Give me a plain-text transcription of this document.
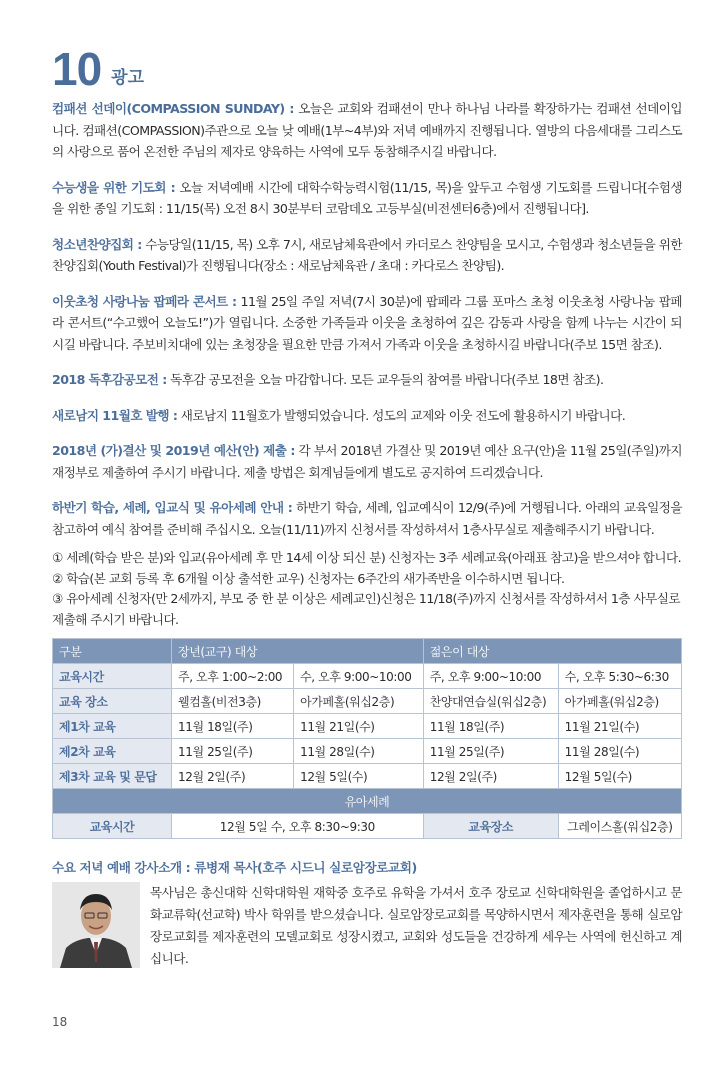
10 광고

컴패션 선데이(COMPASSION SUNDAY) : 오늘은 교회와 컴패션이 만나 하나님 나라를 확장하가는 컴패션 선데이입니다. 컴패션(COMPASSION)주관으로 오늘 낮 예배(1부~4부)와 저녁 예배까지 진행됩니다. 열방의 다음세대를 그리스도의 사랑으로 품어 온전한 주님의 제자로 양육하는 사역에 모두 동참해주시길 바랍니다.

수능생을 위한 기도회 : 오늘 저녁예배 시간에 대학수학능력시험(11/15, 목)을 앞두고 수험생 기도회를 드립니다[수험생을 위한 종일 기도회 : 11/15(목) 오전 8시 30분부터 코람데오 고등부실(비전센터6층)에서 진행됩니다].

청소년찬양집회 : 수능당일(11/15, 목) 오후 7시, 새로남체육관에서 카더로스 찬양팀을 모시고, 수험생과 청소년들을 위한 찬양집회(Youth Festival)가 진행됩니다(장소 : 새로남체육관 / 초대 : 카다로스 찬양팀).

이웃초청 사랑나눔 팝페라 콘서트 : 11월 25일 주일 저녁(7시 30분)에 팝페라 그룹 포마스 초청 이웃초청 사랑나눔 팝페라 콘서트(“수고했어 오늘도!”)가 열립니다. 소중한 가족들과 이웃을 초청하여 깊은 감동과 사랑을 함께 나누는 시간이 되시길 바랍니다. 주보비치대에 있는 초청장을 필요한 만큼 가져서 가족과 이웃을 초청하시길 바랍니다(주보 15면 참조).

2018 독후감공모전 : 독후감 공모전을 오늘 마감합니다. 모든 교우들의 참여를 바랍니다(주보 18면 참조).

새로남지 11월호 발행 : 새로남지 11월호가 발행되었습니다. 성도의 교제와 이웃 전도에 활용하시기 바랍니다.

2018년 (가)결산 및 2019년 예산(안) 제출 : 각 부서 2018년 가결산 및 2019년 예산 요구(안)을 11월 25일(주일)까지 재정부로 제출하여 주시기 바랍니다. 제출 방법은 회계님들에게 별도로 공지하여 드리겠습니다.

하반기 학습, 세례, 입교식 및 유아세례 안내 : 하반기 학습, 세례, 입교예식이 12/9(주)에 거행됩니다. 아래의 교육일정을 참고하여 예식 참여를 준비해 주십시오. 오늘(11/11)까지 신청서를 작성하셔서 1층사무실로 제출해주시기 바랍니다.

① 세례(학습 받은 분)와 입교(유아세례 후 만 14세 이상 되신 분) 신청자는 3주 세례교육(아래표 참고)을 받으셔야 합니다.
② 학습(본 교회 등록 후 6개월 이상 출석한 교우) 신청자는 6주간의 새가족반을 이수하시면 됩니다.
③ 유아세례 신청자(만 2세까지, 부모 중 한 분 이상은 세례교인)신청은 11/18(주)까지 신청서를 작성하셔서 1층 사무실로 제출해 주시기 바랍니다.
구분	장년(교구) 대상		젊은이 대상	
교육시간	주, 오후 1:00~2:00	수, 오후 9:00~10:00	주, 오후 9:00~10:00	수, 오후 5:30~6:30
교육 장소	웰컴홀(비전3층)	아가페홀(워십2층)	찬양대연습실(워십2층)	아가페홀(워십2층)
제1차 교육	11월 18일(주)	11월 21일(수)	11월 18일(주)	11월 21일(수)
제2차 교육	11월 25일(주)	11월 28일(수)	11월 25일(주)	11월 28일(수)
제3차 교육 및 문답	12월 2일(주)	12월 5일(수)	12월 2일(주)	12월 5일(수)
유아세례				
교육시간	12월 5일 수, 오후 8:30~9:30		교육장소	그레이스홀(워십2층)
수요 저녁 예배 강사소개 : 류병재 목사(호주 시드니 실로암장로교회)
목사님은 총신대학 신학대학원 재학중 호주로 유학을 가셔서 호주 장로교 신학대학원을 졸업하시고 문화교류학(선교학) 박사 학위를 받으셨습니다. 실로암장로교회를 목양하시면서 제자훈련을 통해 실로암장로교회를 제자훈련의 모델교회로 성장시켰고, 교회와 성도들을 건강하게 세우는 사역에 헌신하고 계십니다.
18
